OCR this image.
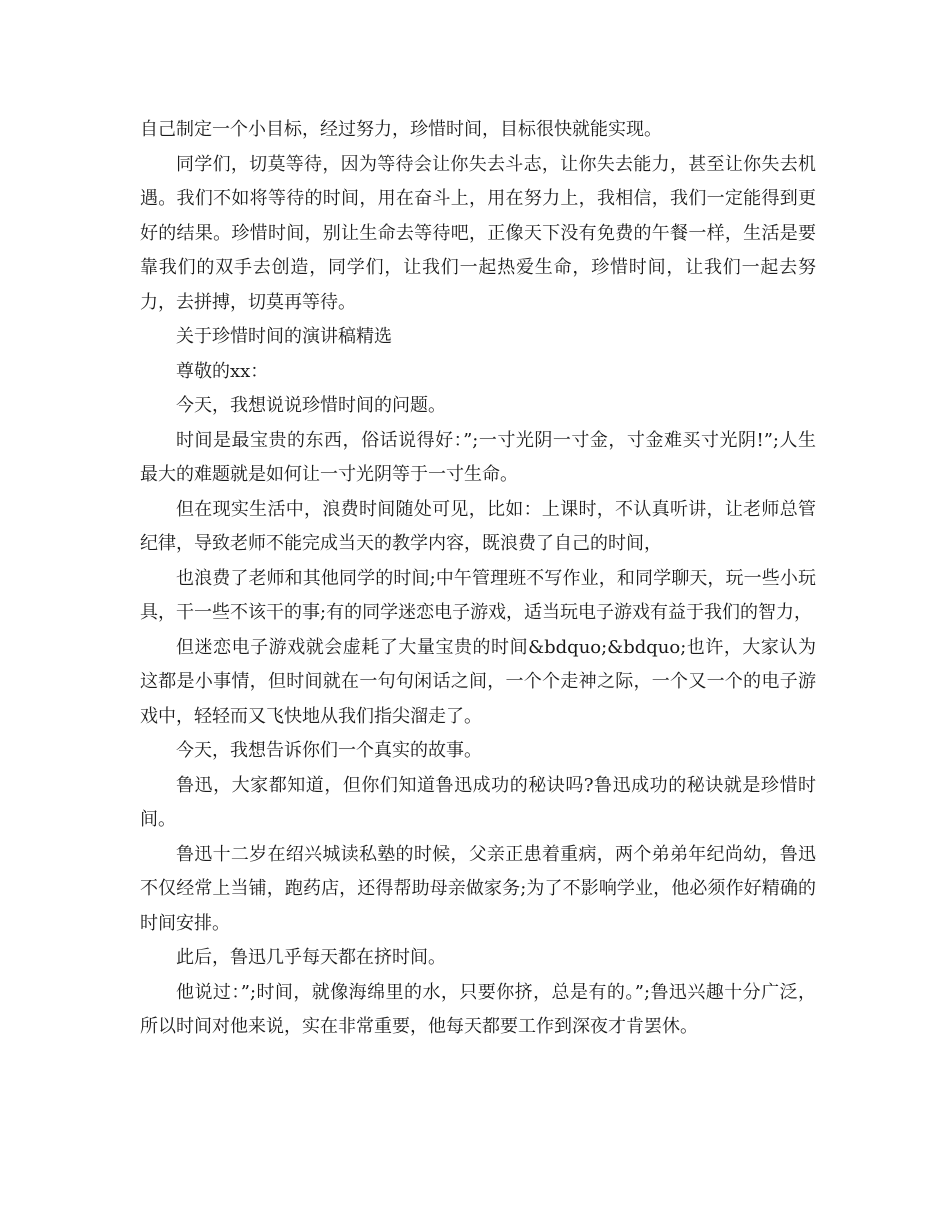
自己制定一个小目标，经过努力，珍惜时间，目标很快就能实现。

同学们，切莫等待，因为等待会让你失去斗志，让你失去能力，甚至让你失去机遇。我们不如将等待的时间，用在奋斗上，用在努力上，我相信，我们一定能得到更好的结果。珍惜时间，别让生命去等待吧，正像天下没有免费的午餐一样，生活是要靠我们的双手去创造，同学们，让我们一起热爱生命，珍惜时间，让我们一起去努力，去拼搏，切莫再等待。

关于珍惜时间的演讲稿精选

尊敬的xx：

今天，我想说说珍惜时间的问题。

时间是最宝贵的东西，俗话说得好：”;一寸光阴一寸金，寸金难买寸光阴!”;人生最大的难题就是如何让一寸光阴等于一寸生命。

但在现实生活中，浪费时间随处可见，比如：上课时，不认真听讲，让老师总管纪律，导致老师不能完成当天的教学内容，既浪费了自己的时间，

也浪费了老师和其他同学的时间;中午管理班不写作业，和同学聊天，玩一些小玩具，干一些不该干的事;有的同学迷恋电子游戏，适当玩电子游戏有益于我们的智力，

但迷恋电子游戏就会虚耗了大量宝贵的时间&bdquo;&bdquo;也许，大家认为这都是小事情，但时间就在一句句闲话之间，一个个走神之际，一个又一个的电子游戏中，轻轻而又飞快地从我们指尖溜走了。

今天，我想告诉你们一个真实的故事。

鲁迅，大家都知道，但你们知道鲁迅成功的秘诀吗?鲁迅成功的秘诀就是珍惜时间。

鲁迅十二岁在绍兴城读私塾的时候，父亲正患着重病，两个弟弟年纪尚幼，鲁迅不仅经常上当铺，跑药店，还得帮助母亲做家务;为了不影响学业，他必须作好精确的时间安排。

此后，鲁迅几乎每天都在挤时间。

他说过：”;时间，就像海绵里的水，只要你挤，总是有的。”;鲁迅兴趣十分广泛，所以时间对他来说，实在非常重要，他每天都要工作到深夜才肯罢休。
